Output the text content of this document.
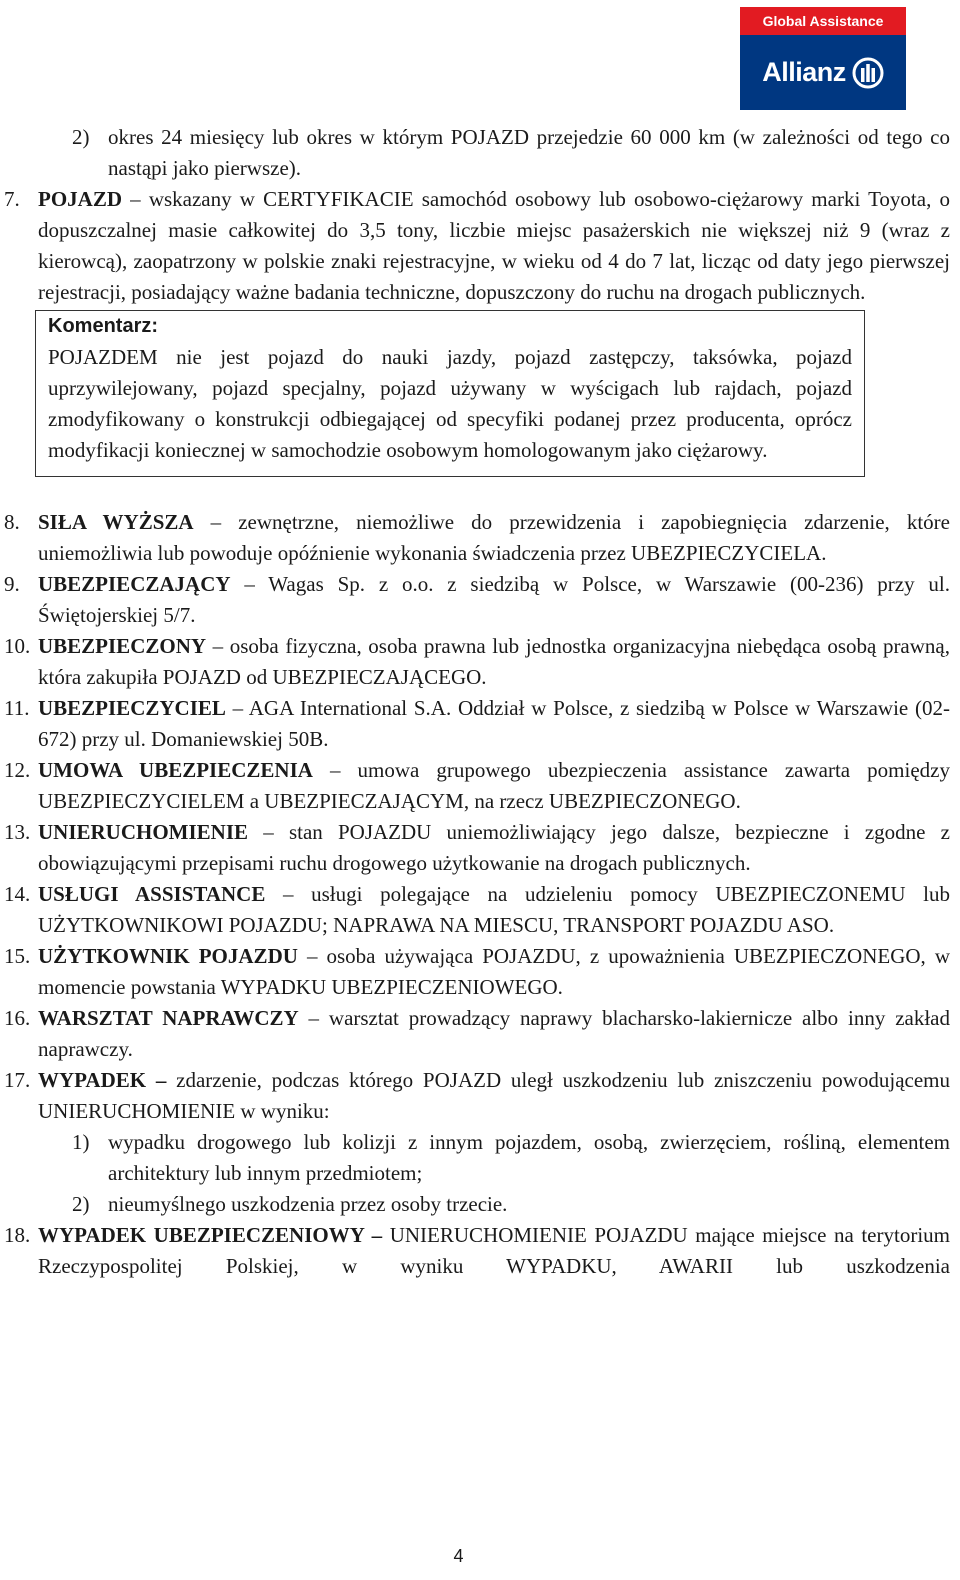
Global Assistance
Allianz
2) okres 24 miesięcy lub okres w którym POJAZD przejedzie 60 000 km (w zależności od tego co nastąpi jako pierwsze).
7. POJAZD – wskazany w CERTYFIKACIE samochód osobowy lub osobowo-ciężarowy marki Toyota, o dopuszczalnej masie całkowitej do 3,5 tony, liczbie miejsc pasażerskich nie większej niż 9 (wraz z kierowcą), zaopatrzony w polskie znaki rejestracyjne, w wieku od 4 do 7 lat, licząc od daty jego pierwszej rejestracji, posiadający ważne badania techniczne, dopuszczony do ruchu na drogach publicznych.
Komentarz:
POJAZDEM nie jest pojazd do nauki jazdy, pojazd zastępczy, taksówka, pojazd uprzywilejowany, pojazd specjalny, pojazd używany w wyścigach lub rajdach, pojazd zmodyfikowany o konstrukcji odbiegającej od specyfiki podanej przez producenta, oprócz modyfikacji koniecznej w samochodzie osobowym homologowanym jako ciężarowy.
8. SIŁA WYŻSZA – zewnętrzne, niemożliwe do przewidzenia i zapobiegnięcia zdarzenie, które uniemożliwia lub powoduje opóźnienie wykonania świadczenia przez UBEZPIECZYCIELA.
9. UBEZPIECZAJĄCY – Wagas Sp. z o.o. z siedzibą w Polsce, w Warszawie (00-236) przy ul. Świętojerskiej 5/7.
10. UBEZPIECZONY – osoba fizyczna, osoba prawna lub jednostka organizacyjna niebędąca osobą prawną, która zakupiła POJAZD od UBEZPIECZAJĄCEGO.
11. UBEZPIECZYCIEL – AGA International S.A. Oddział w Polsce, z siedzibą w Polsce w Warszawie (02-672) przy ul. Domaniewskiej 50B.
12. UMOWA UBEZPIECZENIA – umowa grupowego ubezpieczenia assistance zawarta pomiędzy UBEZPIECZYCIELEM a UBEZPIECZAJĄCYM, na rzecz UBEZPIECZONEGO.
13. UNIERUCHOMIENIE – stan POJAZDU uniemożliwiający jego dalsze, bezpieczne i zgodne z obowiązującymi przepisami ruchu drogowego użytkowanie na drogach publicznych.
14. USŁUGI ASSISTANCE – usługi polegające na udzieleniu pomocy UBEZPIECZONEMU lub UŻYTKOWNIKOWI POJAZDU; NAPRAWA NA MIESCU, TRANSPORT POJAZDU ASO.
15. UŻYTKOWNIK POJAZDU – osoba używająca POJAZDU, z upoważnienia UBEZPIECZONEGO, w momencie powstania WYPADKU UBEZPIECZENIOWEGO.
16. WARSZTAT NAPRAWCZY – warsztat prowadzący naprawy blacharsko-lakiernicze albo inny zakład naprawczy.
17. WYPADEK – zdarzenie, podczas którego POJAZD uległ uszkodzeniu lub zniszczeniu powodującemu UNIERUCHOMIENIE w wyniku:
1) wypadku drogowego lub kolizji z innym pojazdem, osobą, zwierzęciem, rośliną, elementem architektury lub innym przedmiotem;
2) nieumyślnego uszkodzenia przez osoby trzecie.
18. WYPADEK UBEZPIECZENIOWY – UNIERUCHOMIENIE POJAZDU mające miejsce na terytorium Rzeczypospolitej Polskiej, w wyniku WYPADKU, AWARII lub uszkodzenia
4
